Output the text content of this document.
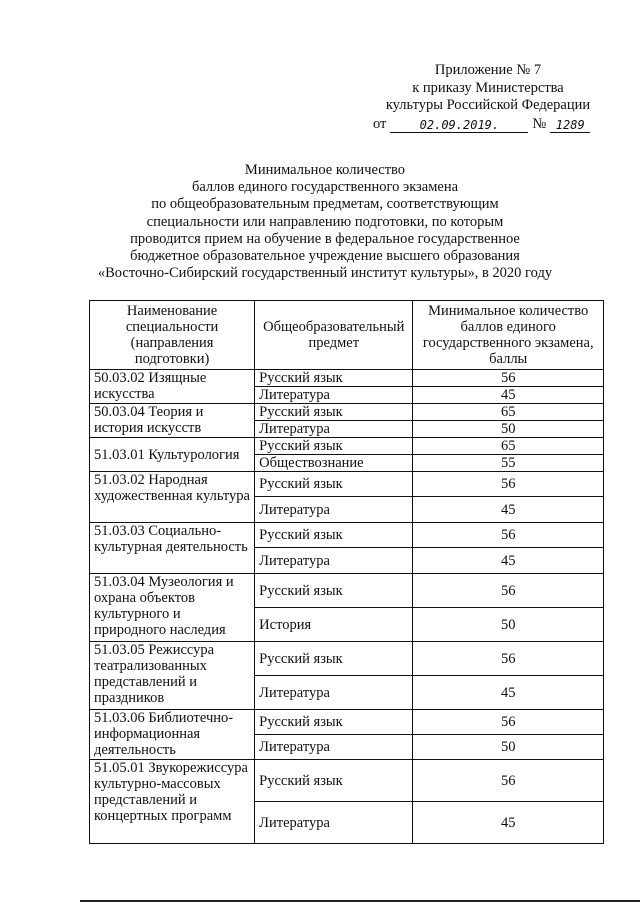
Приложение № 7
к приказу Министерства
культуры Российской Федерации
от	02.09.2019.	№ 1289
Минимальное количество
баллов единого государственного экзамена
по общеобразовательным предметам, соответствующим
специальности или направлению подготовки, по которым
проводится прием на обучение в федеральное государственное
бюджетное образовательное учреждение высшего образования
«Восточно-Сибирский государственный институт культуры», в 2020 году
Наименование специальности (направления подготовки)	Общеобразовательный предмет	Минимальное количество баллов единого государственного экзамена, баллы
50.03.02 Изящные искусства	Русский язык	56
	Литература	45
50.03.04 Теория и история искусств	Русский язык	65
	Литература	50
51.03.01 Культурология	Русский язык	65
	Обществознание	55
51.03.02 Народная художественная культура	Русский язык	56
	Литература	45
51.03.03 Социально-культурная деятельность	Русский язык	56
	Литература	45
51.03.04 Музеология и охрана объектов культурного и природного наследия	Русский язык	56
	История	50
51.03.05 Режиссура театрализованных представлений и праздников	Русский язык	56
	Литература	45
51.03.06 Библиотечно-информационная деятельность	Русский язык	56
	Литература	50
51.05.01 Звукорежиссура культурно-массовых представлений и концертных программ	Русский язык	56
	Литература	45
